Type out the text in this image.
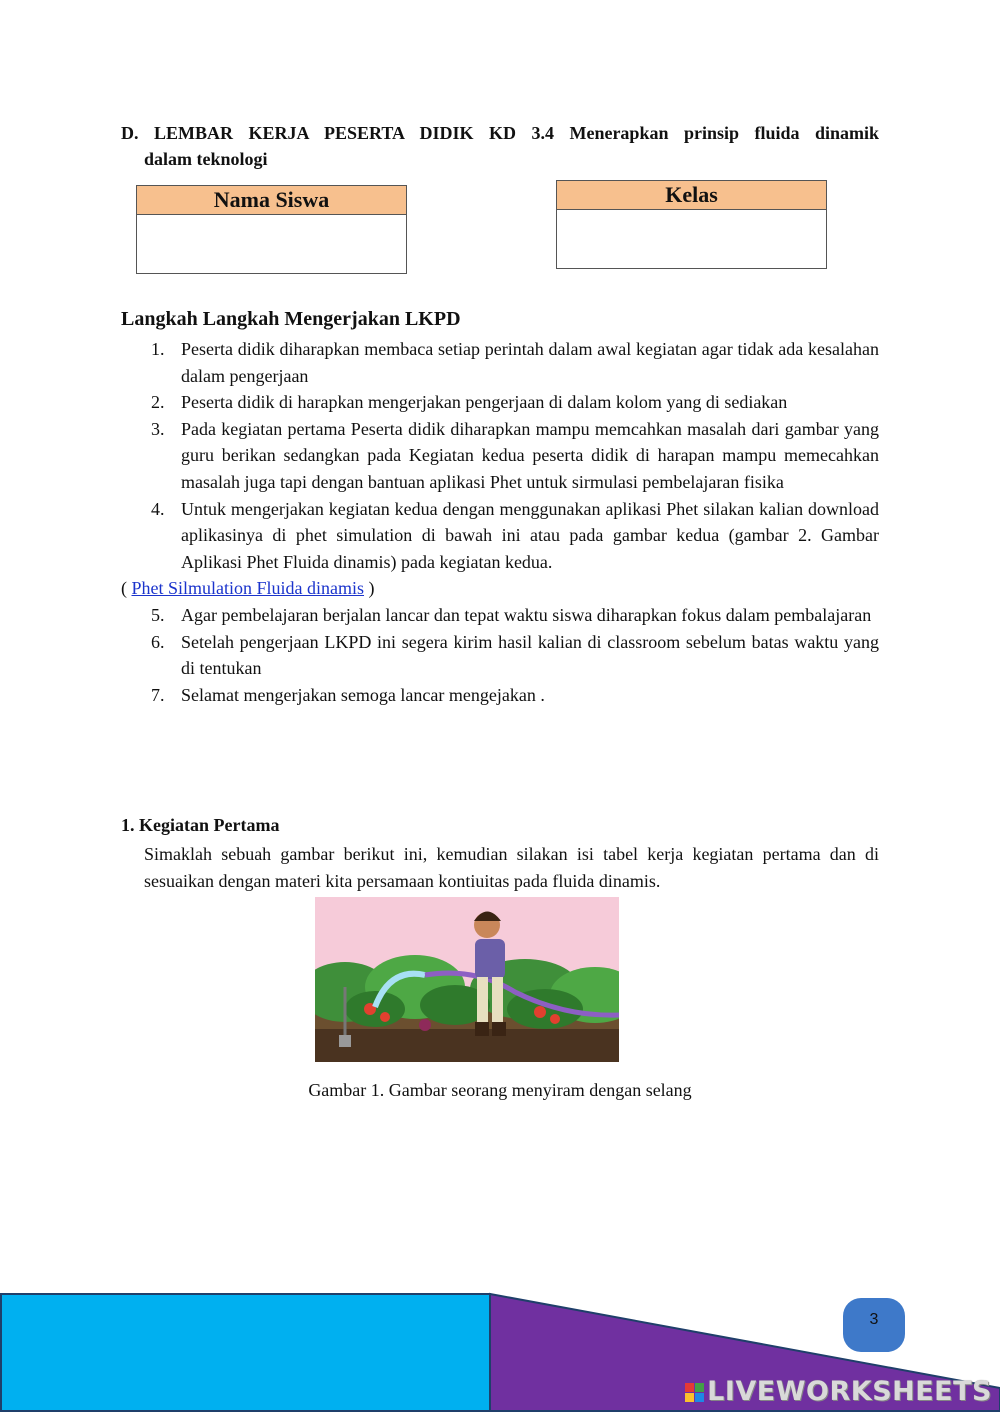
D. LEMBAR KERJA PESERTA DIDIK KD 3.4 Menerapkan prinsip fluida dinamik
dalam teknologi
Nama Siswa	Kelas
Langkah Langkah Mengerjakan LKPD
1. Peserta didik diharapkan membaca setiap perintah dalam awal kegiatan agar tidak ada kesalahan dalam pengerjaan
2. Peserta didik di harapkan mengerjakan pengerjaan di dalam kolom yang di sediakan
3. Pada kegiatan pertama Peserta didik diharapkan mampu memcahkan masalah dari gambar yang guru berikan sedangkan pada Kegiatan kedua peserta didik di harapan mampu memecahkan masalah juga tapi dengan bantuan aplikasi Phet untuk sirmulasi pembelajaran fisika
4. Untuk mengerjakan kegiatan kedua dengan menggunakan aplikasi Phet silakan kalian download aplikasinya di phet simulation di bawah ini atau pada gambar kedua (gambar 2. Gambar Aplikasi Phet Fluida dinamis) pada kegiatan kedua.
( Phet Silmulation Fluida dinamis )
5. Agar pembelajaran berjalan lancar dan tepat waktu siswa diharapkan fokus dalam pembalajaran
6. Setelah pengerjaan LKPD ini segera kirim hasil kalian di classroom sebelum batas waktu yang di tentukan
7. Selamat mengerjakan semoga lancar mengejakan .
1. Kegiatan Pertama
Simaklah sebuah gambar berikut ini, kemudian silakan isi tabel kerja kegiatan pertama dan di sesuaikan dengan materi kita persamaan kontiuitas pada fluida dinamis.
Gambar 1. Gambar seorang menyiram dengan selang
3
LIVEWORKSHEETS
